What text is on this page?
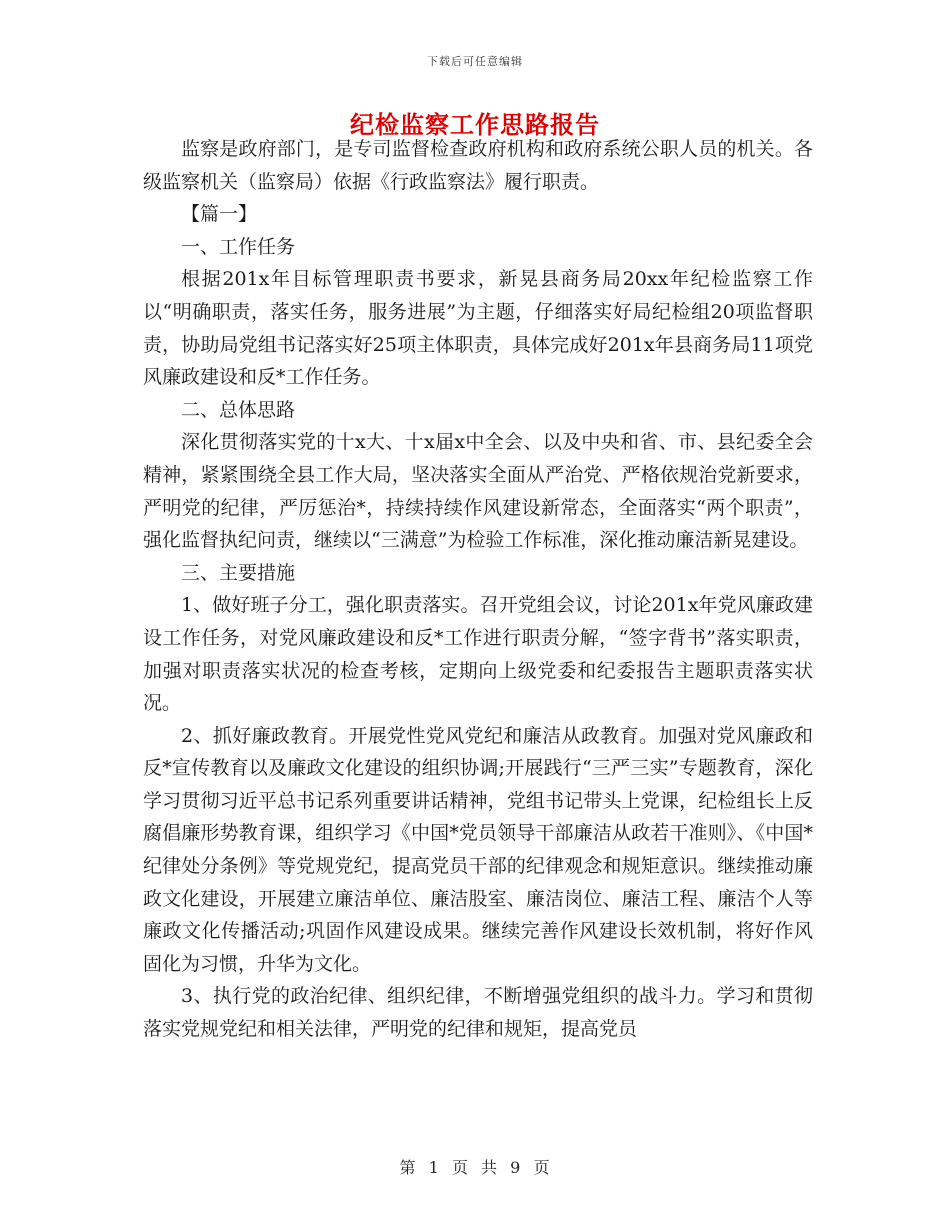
下载后可任意编辑
纪检监察工作思路报告

监察是政府部门，是专司监督检查政府机构和政府系统公职人员的机关。各级监察机关（监察局）依据《行政监察法》履行职责。

【篇一】

一、工作任务

根据201x年目标管理职责书要求，新晃县商务局20xx年纪检监察工作以“明确职责，落实任务，服务进展”为主题，仔细落实好局纪检组20项监督职责，协助局党组书记落实好25项主体职责，具体完成好201x年县商务局11项党风廉政建设和反*工作任务。

二、总体思路

深化贯彻落实党的十x大、十x届x中全会、以及中央和省、市、县纪委全会精神，紧紧围绕全县工作大局，坚决落实全面从严治党、严格依规治党新要求，严明党的纪律，严厉惩治*，持续持续作风建设新常态，全面落实“两个职责”，强化监督执纪问责，继续以“三满意”为检验工作标准，深化推动廉洁新晃建设。

三、主要措施

1、做好班子分工，强化职责落实。召开党组会议，讨论201x年党风廉政建设工作任务，对党风廉政建设和反*工作进行职责分解，“签字背书”落实职责，加强对职责落实状况的检查考核，定期向上级党委和纪委报告主题职责落实状况。

2、抓好廉政教育。开展党性党风党纪和廉洁从政教育。加强对党风廉政和反*宣传教育以及廉政文化建设的组织协调;开展践行“三严三实”专题教育，深化学习贯彻习近平总书记系列重要讲话精神，党组书记带头上党课，纪检组长上反腐倡廉形势教育课，组织学习《中国*党员领导干部廉洁从政若干准则》、《中国*纪律处分条例》等党规党纪，提高党员干部的纪律观念和规矩意识。继续推动廉政文化建设，开展建立廉洁单位、廉洁股室、廉洁岗位、廉洁工程、廉洁个人等廉政文化传播活动;巩固作风建设成果。继续完善作风建设长效机制，将好作风固化为习惯，升华为文化。

3、执行党的政治纪律、组织纪律，不断增强党组织的战斗力。学习和贯彻落实党规党纪和相关法律，严明党的纪律和规矩，提高党员

第 1 页 共 9 页
